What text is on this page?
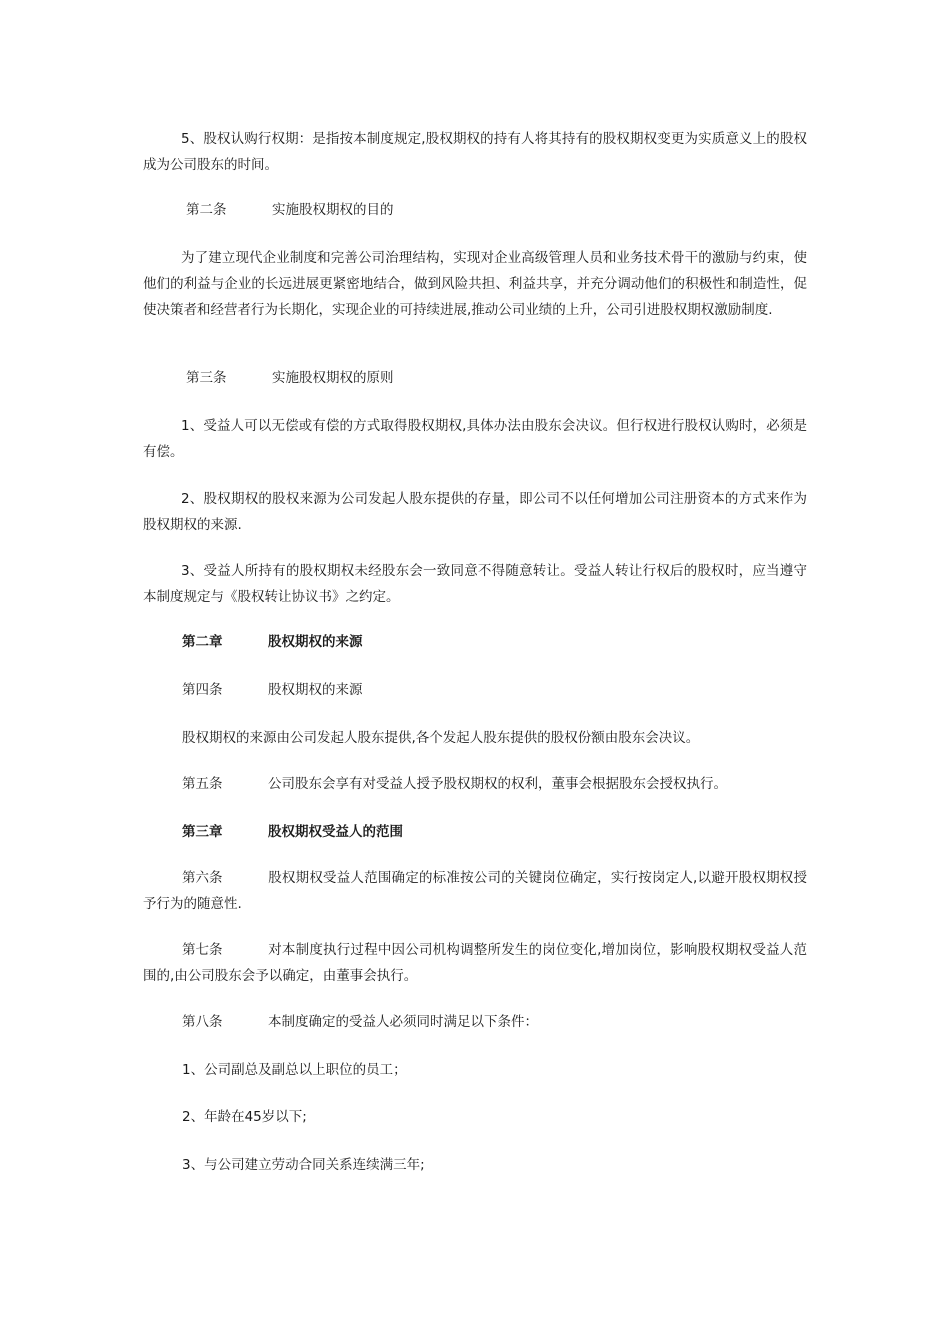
5、股权认购行权期：是指按本制度规定,股权期权的持有人将其持有的股权期权变更为实质意义上的股权成为公司股东的时间。

第二条	实施股权期权的目的

为了建立现代企业制度和完善公司治理结构，实现对企业高级管理人员和业务技术骨干的激励与约束，使他们的利益与企业的长远进展更紧密地结合，做到风险共担、利益共享，并充分调动他们的积极性和制造性，促使决策者和经营者行为长期化，实现企业的可持续进展,推动公司业绩的上升，公司引进股权期权激励制度.

第三条	实施股权期权的原则

1、受益人可以无偿或有偿的方式取得股权期权,具体办法由股东会决议。但行权进行股权认购时，必须是有偿。

2、股权期权的股权来源为公司发起人股东提供的存量，即公司不以任何增加公司注册资本的方式来作为股权期权的来源.

3、受益人所持有的股权期权未经股东会一致同意不得随意转让。受益人转让行权后的股权时，应当遵守本制度规定与《股权转让协议书》之约定。

第二章	股权期权的来源

第四条	股权期权的来源

股权期权的来源由公司发起人股东提供,各个发起人股东提供的股权份额由股东会决议。

第五条	公司股东会享有对受益人授予股权期权的权利，董事会根据股东会授权执行。

第三章	股权期权受益人的范围

第六条	股权期权受益人范围确定的标准按公司的关键岗位确定，实行按岗定人,以避开股权期权授予行为的随意性.

第七条	对本制度执行过程中因公司机构调整所发生的岗位变化,增加岗位，影响股权期权受益人范围的,由公司股东会予以确定，由董事会执行。

第八条	本制度确定的受益人必须同时满足以下条件：

1、公司副总及副总以上职位的员工；

2、年龄在45岁以下;

3、与公司建立劳动合同关系连续满三年;
